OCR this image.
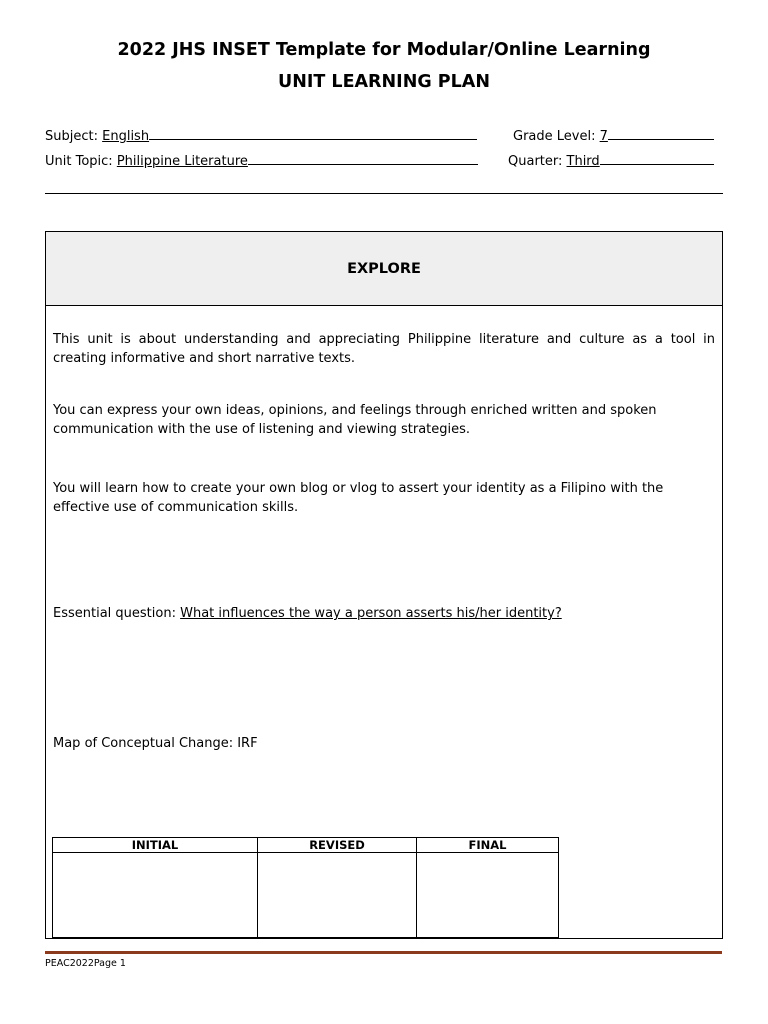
2022 JHS INSET Template for Modular/Online Learning
UNIT LEARNING PLAN
Subject: English	Grade Level: 7
Unit Topic: Philippine Literature	Quarter: Third
EXPLORE
This unit is about understanding and appreciating Philippine literature and culture as a tool in creating informative and short narrative texts.
You can express your own ideas, opinions, and feelings through enriched written and spoken communication with the use of listening and viewing strategies.
You will learn how to create your own blog or vlog to assert your identity as a Filipino with the effective use of communication skills.
Essential question: What influences the way a person asserts his/her identity?
Map of Conceptual Change: IRF
INITIAL	REVISED	FINAL

PEAC2022Page 1
